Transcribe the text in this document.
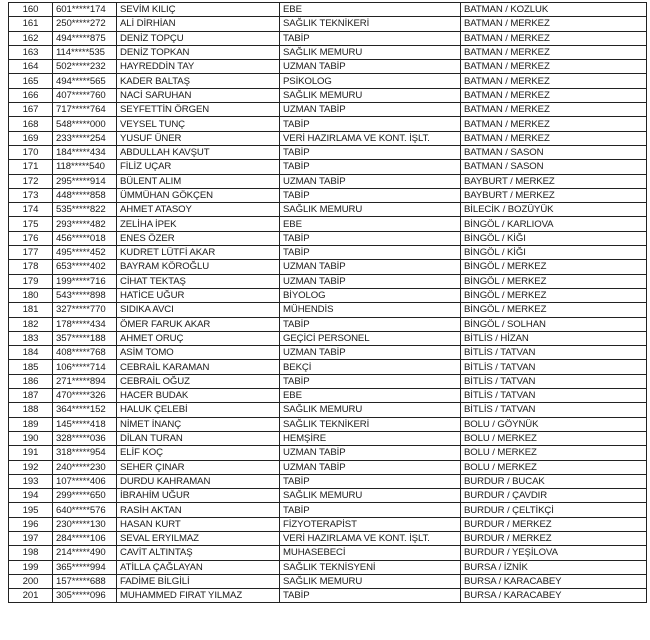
160	601*****174	SEVİM KILIÇ	EBE	BATMAN / KOZLUK
161	250*****272	ALİ DİRHİAN	SAĞLIK TEKNİKERİ	BATMAN / MERKEZ
162	494*****875	DENİZ TOPÇU	TABİP	BATMAN / MERKEZ
163	114*****535	DENİZ TOPKAN	SAĞLIK MEMURU	BATMAN / MERKEZ
164	502*****232	HAYREDDİN TAY	UZMAN TABİP	BATMAN / MERKEZ
165	494*****565	KADER BALTAŞ	PSİKOLOG	BATMAN / MERKEZ
166	407*****760	NACİ SARUHAN	SAĞLIK MEMURU	BATMAN / MERKEZ
167	717*****764	SEYFETTİN ÖRGEN	UZMAN TABİP	BATMAN / MERKEZ
168	548*****000	VEYSEL TUNÇ	TABİP	BATMAN / MERKEZ
169	233*****254	YUSUF ÜNER	VERİ HAZIRLAMA VE KONT. İŞLT.	BATMAN / MERKEZ
170	184*****434	ABDULLAH KAVŞUT	TABİP	BATMAN / SASON
171	118*****540	FİLİZ UÇAR	TABİP	BATMAN / SASON
172	295*****914	BÜLENT ALIM	UZMAN TABİP	BAYBURT / MERKEZ
173	448*****858	ÜMMÜHAN GÖKÇEN	TABİP	BAYBURT / MERKEZ
174	535*****822	AHMET ATASOY	SAĞLIK MEMURU	BİLECİK / BOZÜYÜK
175	293*****482	ZELİHA İPEK	EBE	BİNGÖL / KARLIOVA
176	456*****018	ENES ÖZER	TABİP	BİNGÖL / KİĞI
177	495*****452	KUDRET LÜTFİ AKAR	TABİP	BİNGÖL / KİĞI
178	653*****402	BAYRAM KÖROĞLU	UZMAN TABİP	BİNGÖL / MERKEZ
179	199*****716	CİHAT TEKTAŞ	UZMAN TABİP	BİNGÖL / MERKEZ
180	543*****898	HATİCE UĞUR	BİYOLOG	BİNGÖL / MERKEZ
181	327*****770	SIDIKA AVCI	MÜHENDİS	BİNGÖL / MERKEZ
182	178*****434	ÖMER FARUK AKAR	TABİP	BİNGÖL / SOLHAN
183	357*****188	AHMET ORUÇ	GEÇİCİ PERSONEL	BİTLİS / HİZAN
184	408*****768	ASİM TOMO	UZMAN TABİP	BİTLİS / TATVAN
185	106*****714	CEBRAİL KARAMAN	BEKÇİ	BİTLİS / TATVAN
186	271*****894	CEBRAİL OĞUZ	TABİP	BİTLİS / TATVAN
187	470*****326	HACER BUDAK	EBE	BİTLİS / TATVAN
188	364*****152	HALUK ÇELEBİ	SAĞLIK MEMURU	BİTLİS / TATVAN
189	145*****418	NİMET İNANÇ	SAĞLIK TEKNİKERİ	BOLU / GÖYNÜK
190	328*****036	DİLAN TURAN	HEMŞİRE	BOLU / MERKEZ
191	318*****954	ELİF KOÇ	UZMAN TABİP	BOLU / MERKEZ
192	240*****230	SEHER ÇINAR	UZMAN TABİP	BOLU / MERKEZ
193	107*****406	DURDU KAHRAMAN	TABİP	BURDUR / BUCAK
194	299*****650	İBRAHİM UĞUR	SAĞLIK MEMURU	BURDUR / ÇAVDIR
195	640*****576	RASİH AKTAN	TABİP	BURDUR / ÇELTİKÇİ
196	230*****130	HASAN KURT	FİZYOTERAPİST	BURDUR / MERKEZ
197	284*****106	SEVAL ERYILMAZ	VERİ HAZIRLAMA VE KONT. İŞLT.	BURDUR / MERKEZ
198	214*****490	CAVİT ALTINTAŞ	MUHASEBECİ	BURDUR / YEŞİLOVA
199	365*****994	ATİLLA ÇAĞLAYAN	SAĞLIK TEKNİSYENİ	BURSA / İZNİK
200	157*****688	FADİME BİLGİLİ	SAĞLIK MEMURU	BURSA / KARACABEY
201	305*****096	MUHAMMED FIRAT YILMAZ	TABİP	BURSA / KARACABEY
